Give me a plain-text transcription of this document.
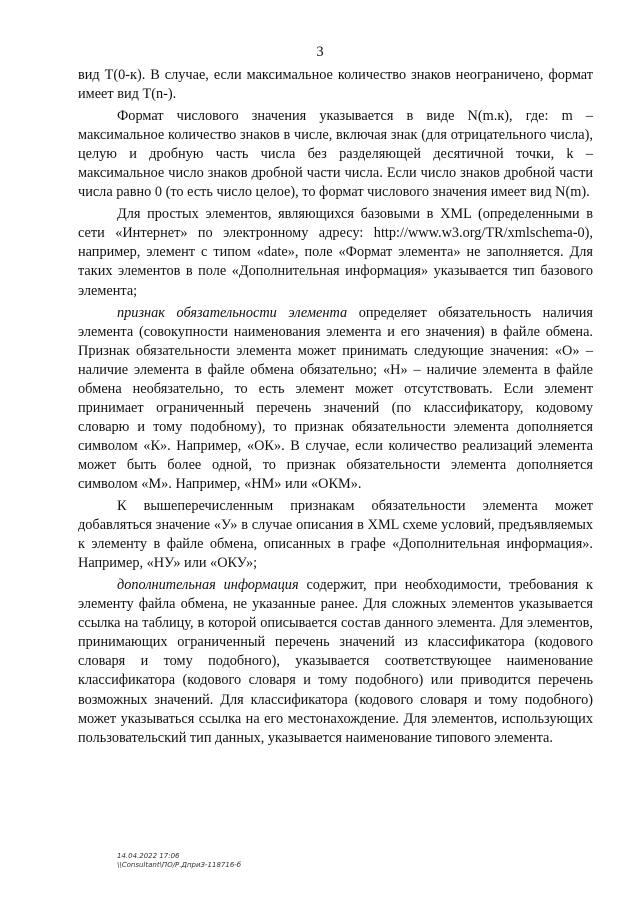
3

вид T(0-к). В случае, если максимальное количество знаков неограничено, формат имеет вид T(n-).

Формат числового значения указывается в виде N(m.к), где: m – максимальное количество знаков в числе, включая знак (для отрицательного числа), целую и дробную часть числа без разделяющей десятичной точки, k – максимальное число знаков дробной части числа. Если число знаков дробной части числа равно 0 (то есть число целое), то формат числового значения имеет вид N(m).

Для простых элементов, являющихся базовыми в XML (определенными в сети «Интернет» по электронному адресу: http://www.w3.org/TR/xmlschema-0), например, элемент с типом «date», поле «Формат элемента» не заполняется. Для таких элементов в поле «Дополнительная информация» указывается тип базового элемента;

признак обязательности элемента определяет обязательность наличия элемента (совокупности наименования элемента и его значения) в файле обмена. Признак обязательности элемента может принимать следующие значения: «О» – наличие элемента в файле обмена обязательно; «Н» – наличие элемента в файле обмена необязательно, то есть элемент может отсутствовать. Если элемент принимает ограниченный перечень значений (по классификатору, кодовому словарю и тому подобному), то признак обязательности элемента дополняется символом «К». Например, «ОК». В случае, если количество реализаций элемента может быть более одной, то признак обязательности элемента дополняется символом «М». Например, «НМ» или «ОКМ».

К вышеперечисленным признакам обязательности элемента может добавляться значение «У» в случае описания в XML схеме условий, предъявляемых к элементу в файле обмена, описанных в графе «Дополнительная информация». Например, «НУ» или «ОКУ»;

дополнительная информация содержит, при необходимости, требования к элементу файла обмена, не указанные ранее. Для сложных элементов указывается ссылка на таблицу, в которой описывается состав данного элемента. Для элементов, принимающих ограниченный перечень значений из классификатора (кодового словаря и тому подобного), указывается соответствующее наименование классификатора (кодового словаря и тому подобного) или приводится перечень возможных значений. Для классификатора (кодового словаря и тому подобного) может указываться ссылка на его местонахождение. Для элементов, использующих пользовательский тип данных, указывается наименование типового элемента.

14.04.2022 17:06
\\Consultant\ПО/Р.ДприЗ-118716-б
